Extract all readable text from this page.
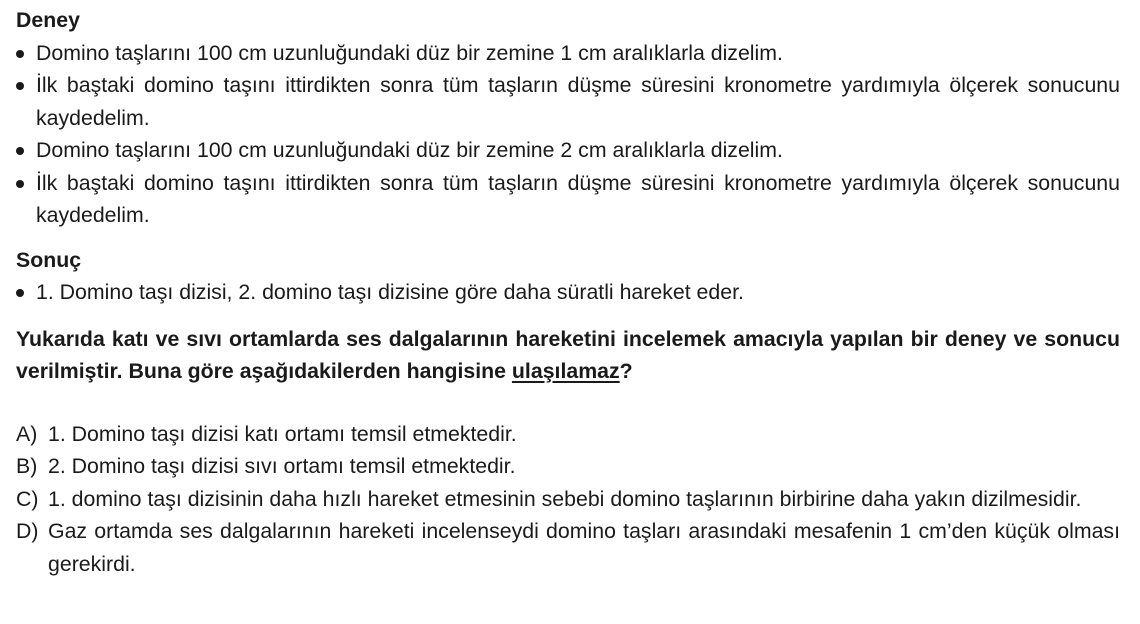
Deney

Domino taşlarını 100 cm uzunluğundaki düz bir zemine 1 cm aralıklarla dizelim.
İlk baştaki domino taşını ittirdikten sonra tüm taşların düşme süresini kronometre yardımıyla ölçerek sonucunu kaydedelim.
Domino taşlarını 100 cm uzunluğundaki düz bir zemine 2 cm aralıklarla dizelim.
İlk baştaki domino taşını ittirdikten sonra tüm taşların düşme süresini kronometre yardımıyla ölçerek sonucunu kaydedelim.

Sonuç

1. Domino taşı dizisi, 2. domino taşı dizisine göre daha süratli hareket eder.

Yukarıda katı ve sıvı ortamlarda ses dalgalarının hareketini incelemek amacıyla yapılan bir deney ve sonucu verilmiştir. Buna göre aşağıdakilerden hangisine ulaşılamaz?

A) 1. Domino taşı dizisi katı ortamı temsil etmektedir.
B) 2. Domino taşı dizisi sıvı ortamı temsil etmektedir.
C) 1. domino taşı dizisinin daha hızlı hareket etmesinin sebebi domino taşlarının birbirine daha yakın dizilmesidir.
D) Gaz ortamda ses dalgalarının hareketi incelenseydi domino taşları arasındaki mesafenin 1 cm’den küçük olması gerekirdi.
